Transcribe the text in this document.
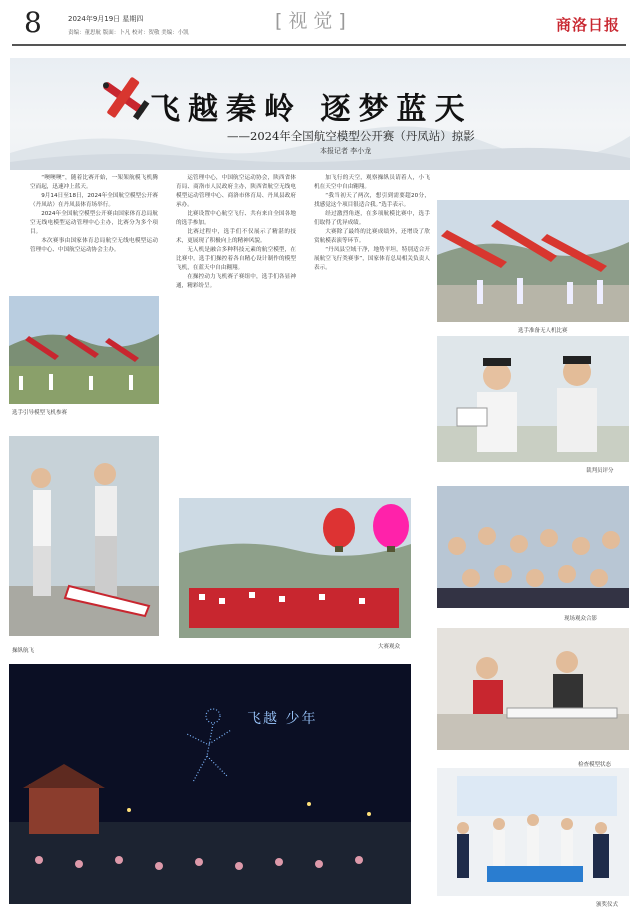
8	2024年9月19日 星期四
责编：董思航 版面：卜凡 校对：贺敬 美编：小凯
[视觉]	商洛日报
飞越秦岭 逐梦蓝天
——2024年全国航空模型公开赛（丹凤站）掠影
本报记者 李小龙

“噢噢噢”，随着比赛开始，一架架航模飞机腾空而起，迅速冲上蓝天。

9月14日至18日，2024年全国航空模型公开赛（丹凤站）在丹凤县体育场举行。

2024年全国航空模型公开赛由国家体育总局航空无线电模型运动管理中心主办，比赛分为多个项目。

本次赛事由国家体育总局航空无线电模型运动管理中心、中国航空运动协会主办。

运管理中心，中国航空运动协会，陕西省体育局、商洛市人民政府主办，陕西省航空无线电模型运动管理中心、商洛市体育局、丹凤县政府承办。

比赛设置中心航空飞行、共有来自全国各地的选手参加。

比赛过程中，选手们不仅展示了精湛的技术，更展现了积极向上的精神风貌。

无人机是融合多种科技元素的航空模型，在比赛中，选手们操控着各自精心设计制作的模型飞机，在蓝天中自由翱翔。

在操控动力飞机赛子赛组中，选手们各显神通，精彩纷呈。

加飞行的天空，观察操纵员请着人，小飞机在天空中自由翱翔。

“我当初天了两次，想引到需要超20分，找感觉这个项目很适合我。”选手表示。

经过激烈角逐，在多项航模比赛中，选手们取得了优异成绩。

大赛除了最终的比赛成绩外，还增设了欣赏航模表演等环节。

“丹凤县空域干净，地势平坦，特别适合开展航空飞行类赛事”，国家体育总局相关负责人表示。

选手引导模型飞机参赛
选手准备无人机比赛
裁判员评分
操纵航飞
大赛观众
现场观众合影
检查模型状态
飞越 少年
颁奖仪式
